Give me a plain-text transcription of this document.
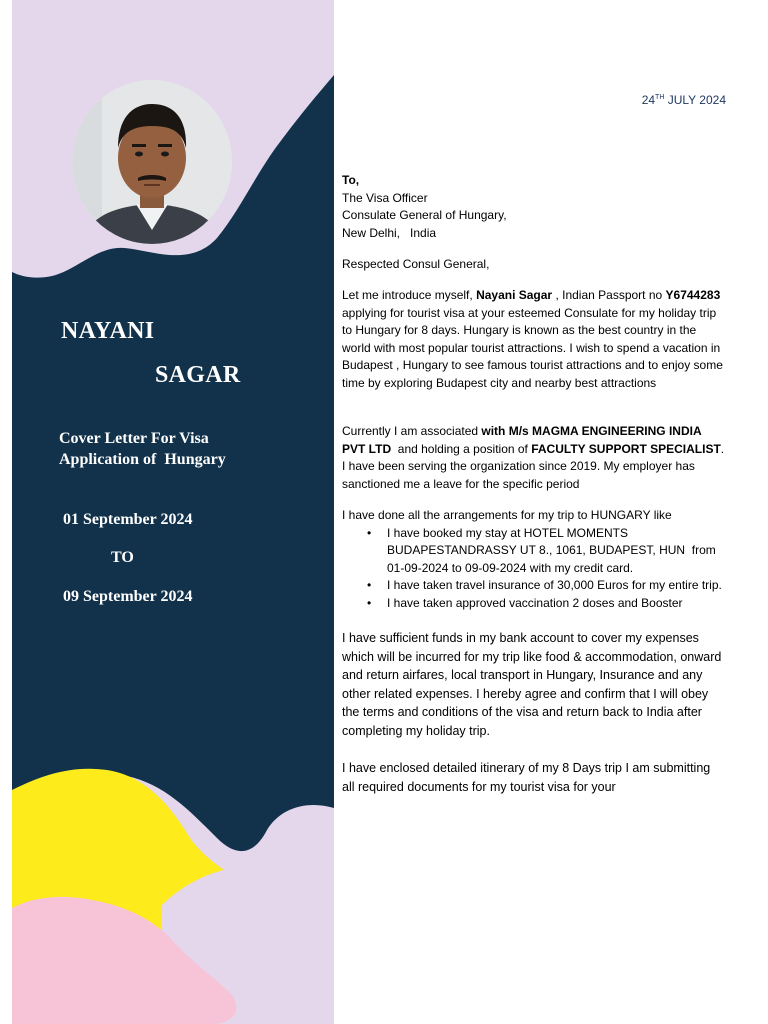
NAYANI
SAGAR
Cover Letter For Visa
Application of  Hungary
01 September 2024
TO
09 September 2024
24TH JULY 2024
To,
The Visa Officer
Consulate General of Hungary,
New Delhi,   India
Respected Consul General,
Let me introduce myself, Nayani Sagar , Indian Passport no Y6744283 applying for tourist visa at your esteemed Consulate for my holiday trip to Hungary for 8 days. Hungary is known as the best country in the world with most popular tourist attractions. I wish to spend a vacation in Budapest , Hungary to see famous tourist attractions and to enjoy some time by exploring Budapest city and nearby best attractions
Currently I am associated with M/s MAGMA ENGINEERING INDIA PVT LTD  and holding a position of FACULTY SUPPORT SPECIALIST. I have been serving the organization since 2019. My employer has sanctioned me a leave for the specific period
I have done all the arrangements for my trip to HUNGARY like
• I have booked my stay at HOTEL MOMENTS BUDAPESTANDRASSY UT 8., 1061, BUDAPEST, HUN  from 01-09-2024 to 09-09-2024 with my credit card.
• I have taken travel insurance of 30,000 Euros for my entire trip.
• I have taken approved vaccination 2 doses and Booster
I have sufficient funds in my bank account to cover my expenses which will be incurred for my trip like food & accommodation, onward and return airfares, local transport in Hungary, Insurance and any other related expenses. I hereby agree and confirm that I will obey the terms and conditions of the visa and return back to India after completing my holiday trip.
I have enclosed detailed itinerary of my 8 Days trip I am submitting all required documents for my tourist visa for your
